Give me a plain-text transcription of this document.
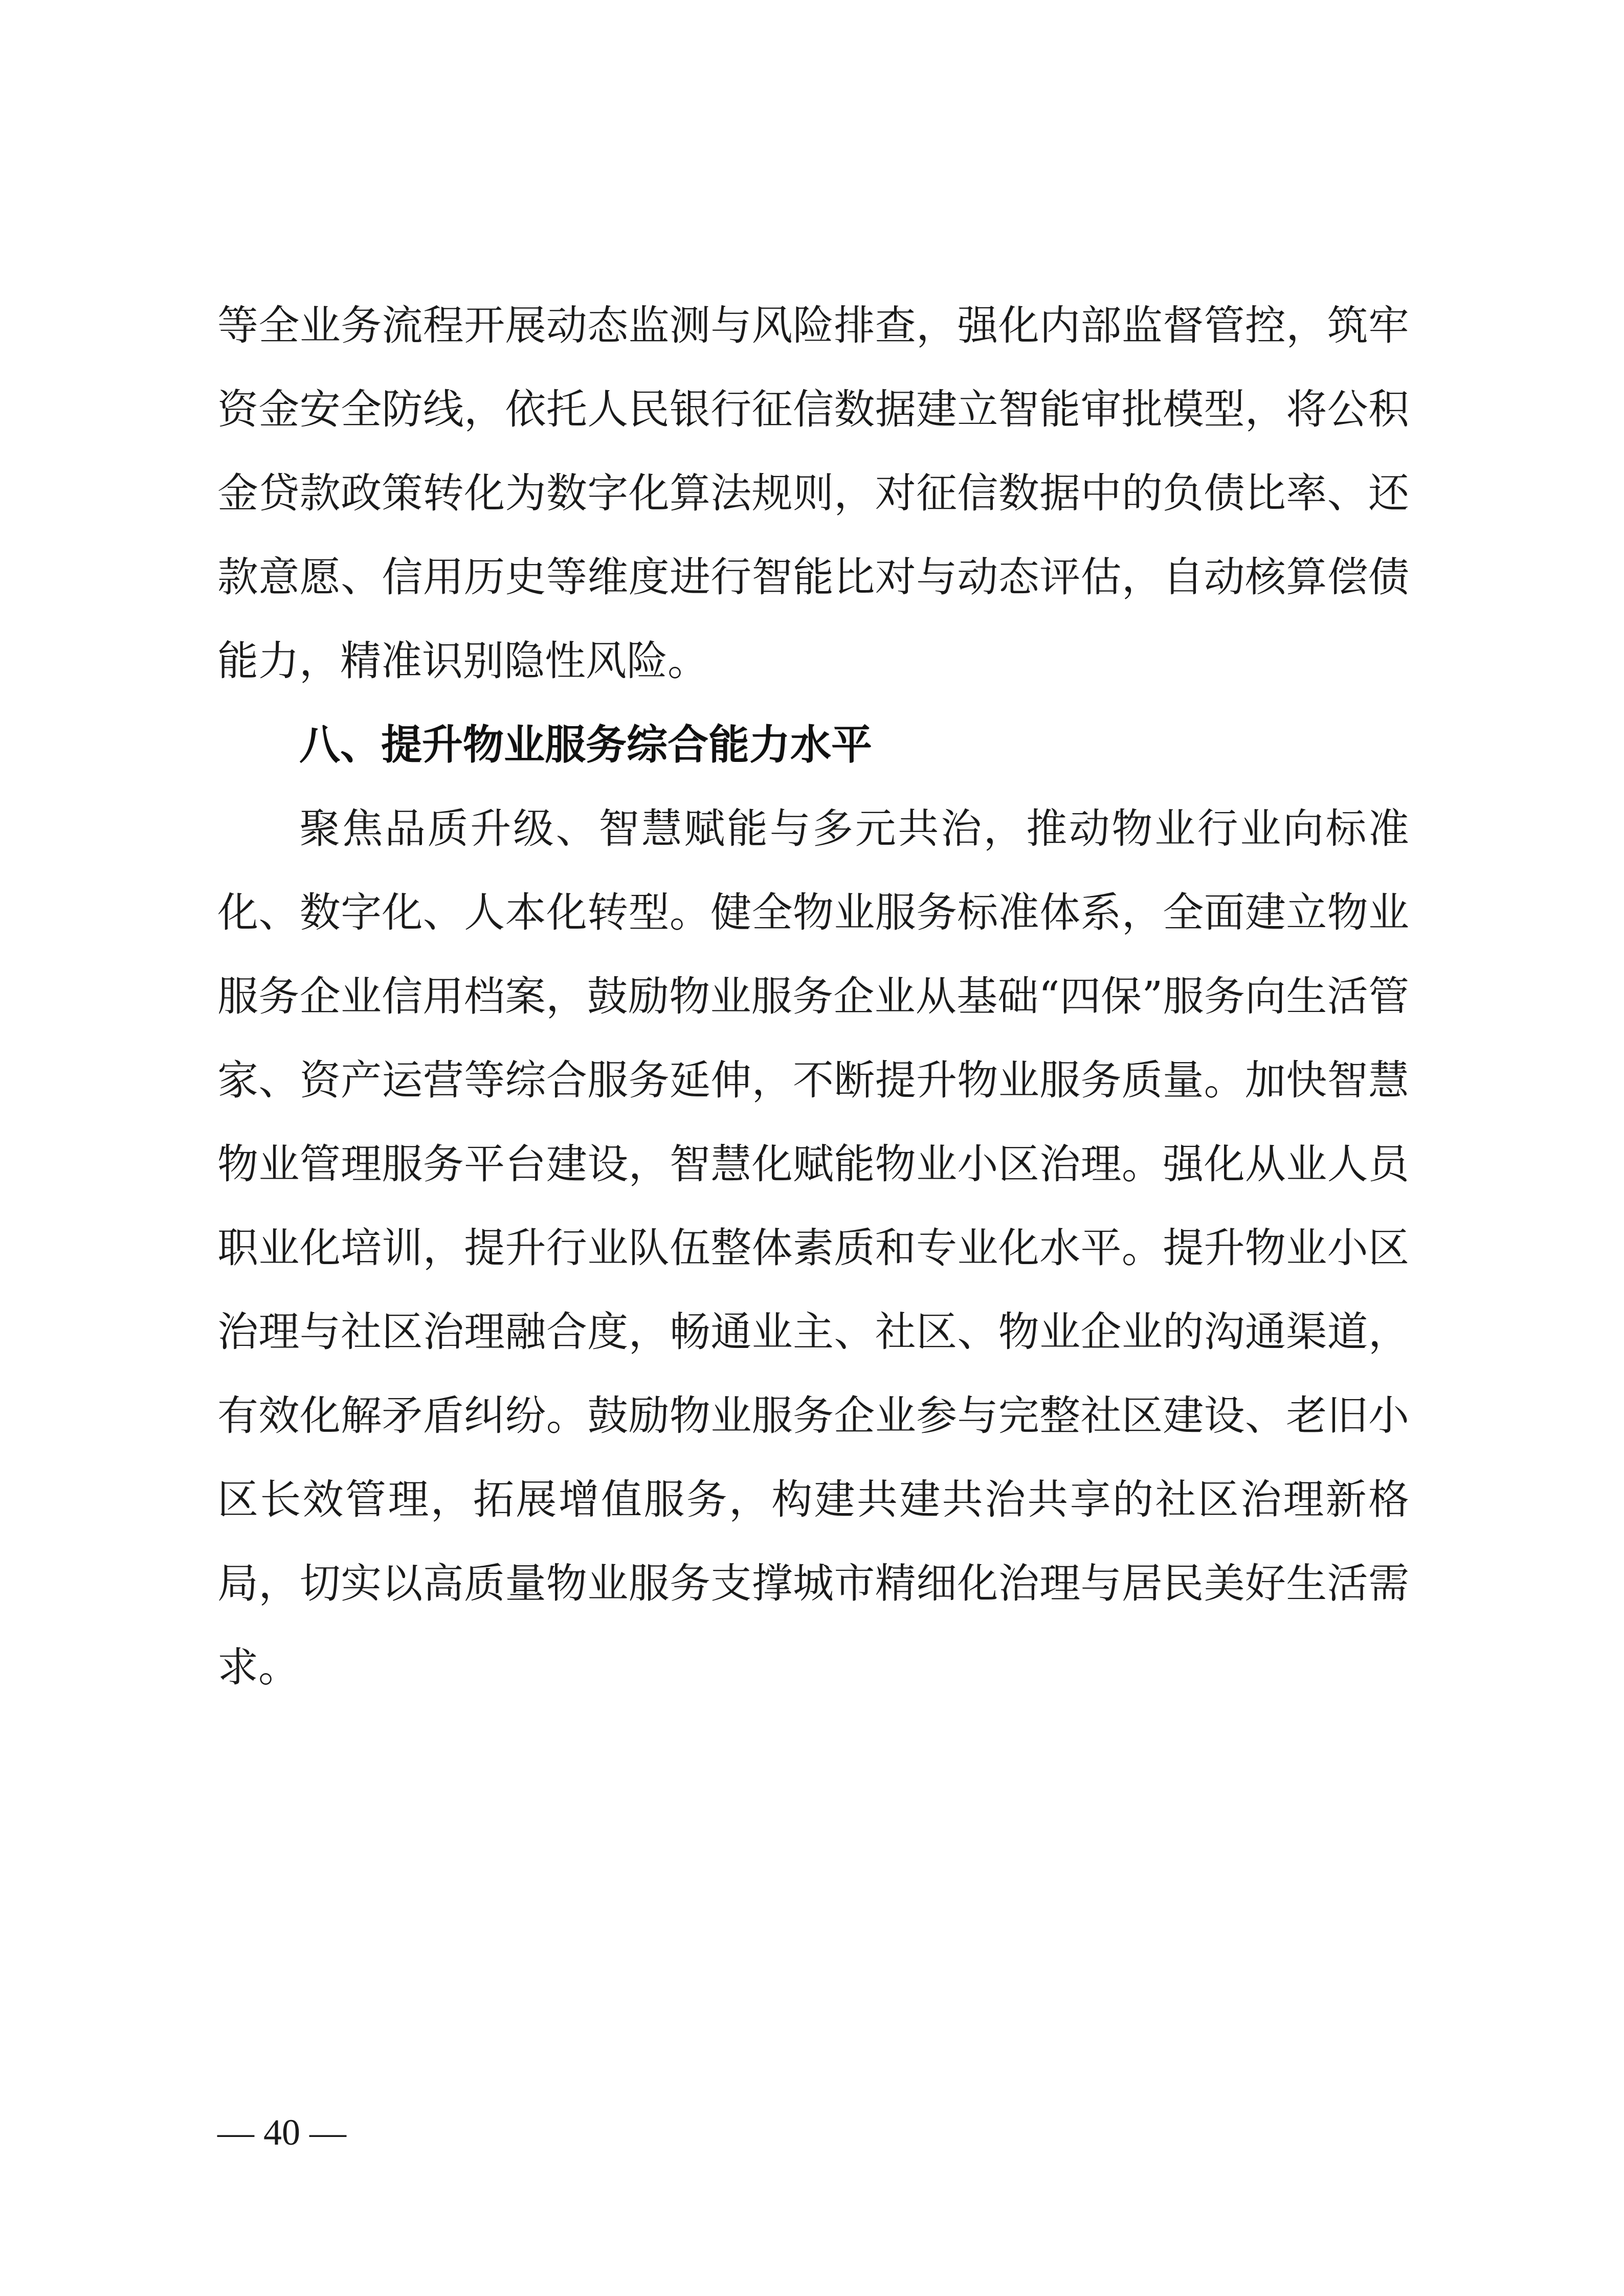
等全业务流程开展动态监测与风险排查，强化内部监督管控，筑牢资金安全防线，依托人民银行征信数据建立智能审批模型，将公积金贷款政策转化为数字化算法规则，对征信数据中的负债比率、还款意愿、信用历史等维度进行智能比对与动态评估，自动核算偿债能力，精准识别隐性风险。

八、提升物业服务综合能力水平

聚焦品质升级、智慧赋能与多元共治，推动物业行业向标准化、数字化、人本化转型。健全物业服务标准体系，全面建立物业服务企业信用档案，鼓励物业服务企业从基础“四保”服务向生活管家、资产运营等综合服务延伸，不断提升物业服务质量。加快智慧物业管理服务平台建设，智慧化赋能物业小区治理。强化从业人员职业化培训，提升行业队伍整体素质和专业化水平。提升物业小区治理与社区治理融合度，畅通业主、社区、物业企业的沟通渠道，有效化解矛盾纠纷。鼓励物业服务企业参与完整社区建设、老旧小区长效管理，拓展增值服务，构建共建共治共享的社区治理新格局，切实以高质量物业服务支撑城市精细化治理与居民美好生活需求。

— 40 —
